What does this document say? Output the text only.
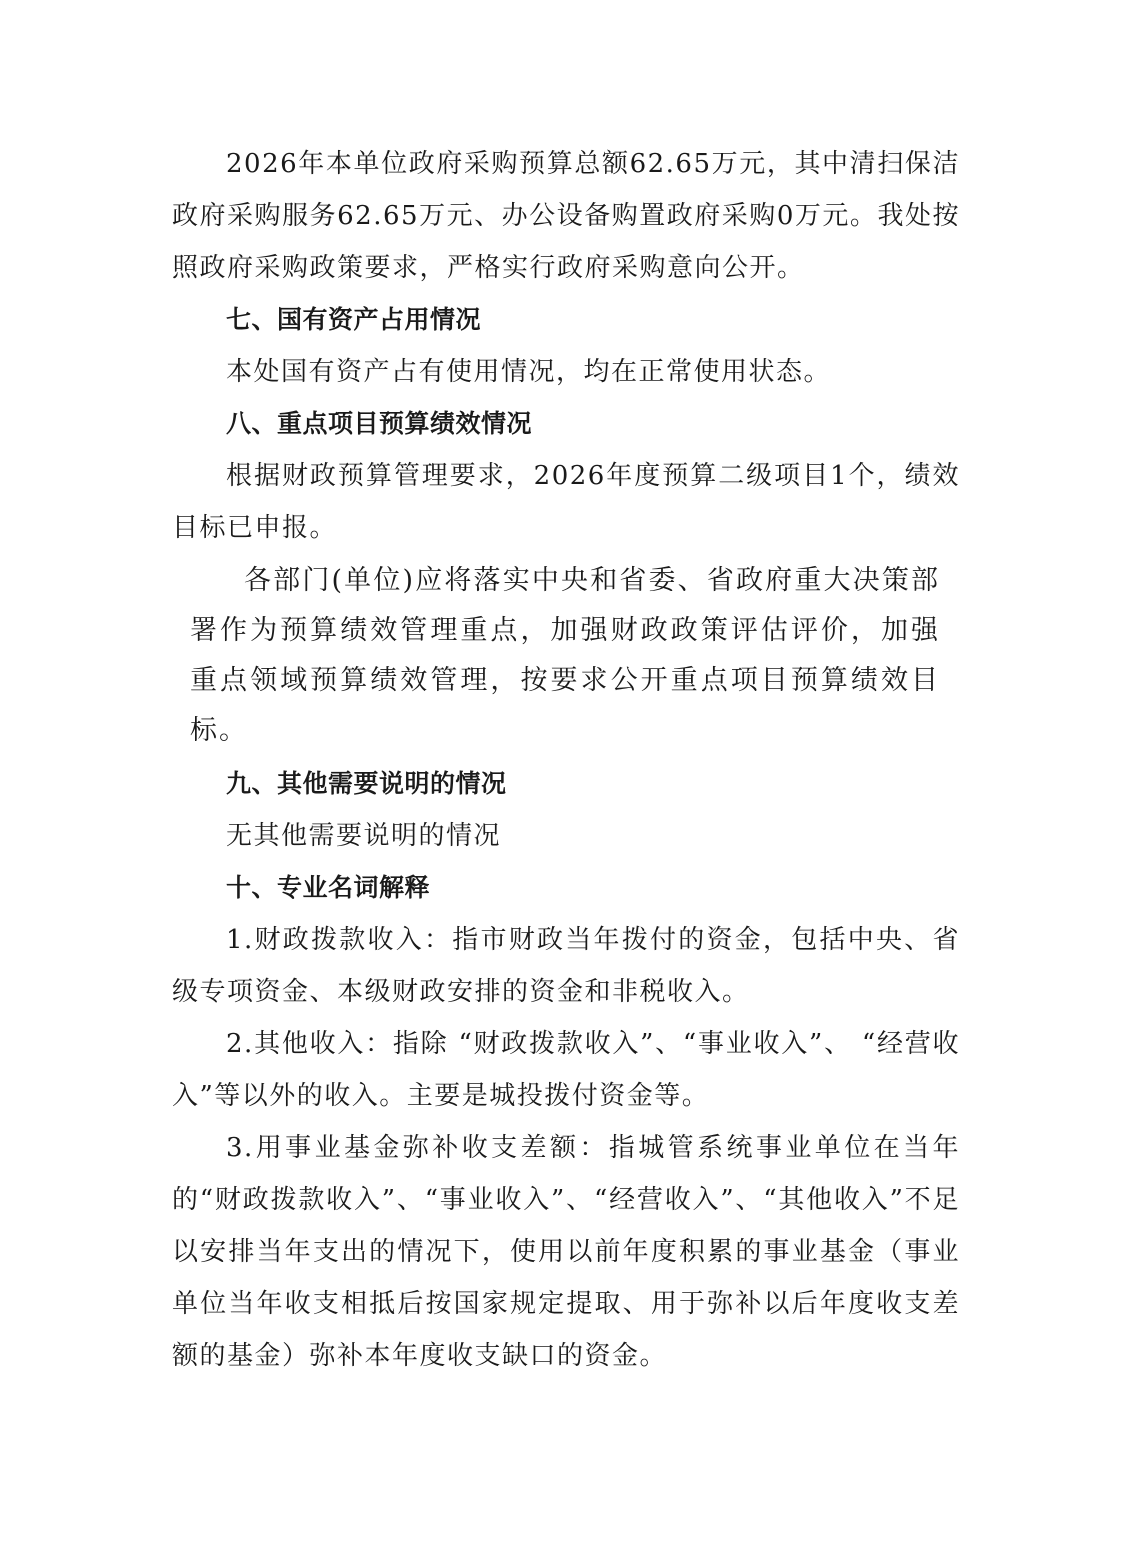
2026年本单位政府采购预算总额62.65万元，其中清扫保洁政府采购服务62.65万元、办公设备购置政府采购0万元。我处按照政府采购政策要求，严格实行政府采购意向公开。

七、国有资产占用情况

本处国有资产占有使用情况，均在正常使用状态。

八、重点项目预算绩效情况

根据财政预算管理要求，2026年度预算二级项目1个，绩效目标已申报。

各部门(单位)应将落实中央和省委、省政府重大决策部署作为预算绩效管理重点，加强财政政策评估评价，加强重点领域预算绩效管理，按要求公开重点项目预算绩效目标。

九、其他需要说明的情况

无其他需要说明的情况

十、专业名词解释

1.财政拨款收入：指市财政当年拨付的资金，包括中央、省级专项资金、本级财政安排的资金和非税收入。

2.其他收入：指除 “财政拨款收入”、“事业收入”、 “经营收入”等以外的收入。主要是城投拨付资金等。

3.用事业基金弥补收支差额：指城管系统事业单位在当年的“财政拨款收入”、“事业收入”、“经营收入”、“其他收入”不足以安排当年支出的情况下，使用以前年度积累的事业基金（事业单位当年收支相抵后按国家规定提取、用于弥补以后年度收支差额的基金）弥补本年度收支缺口的资金。
